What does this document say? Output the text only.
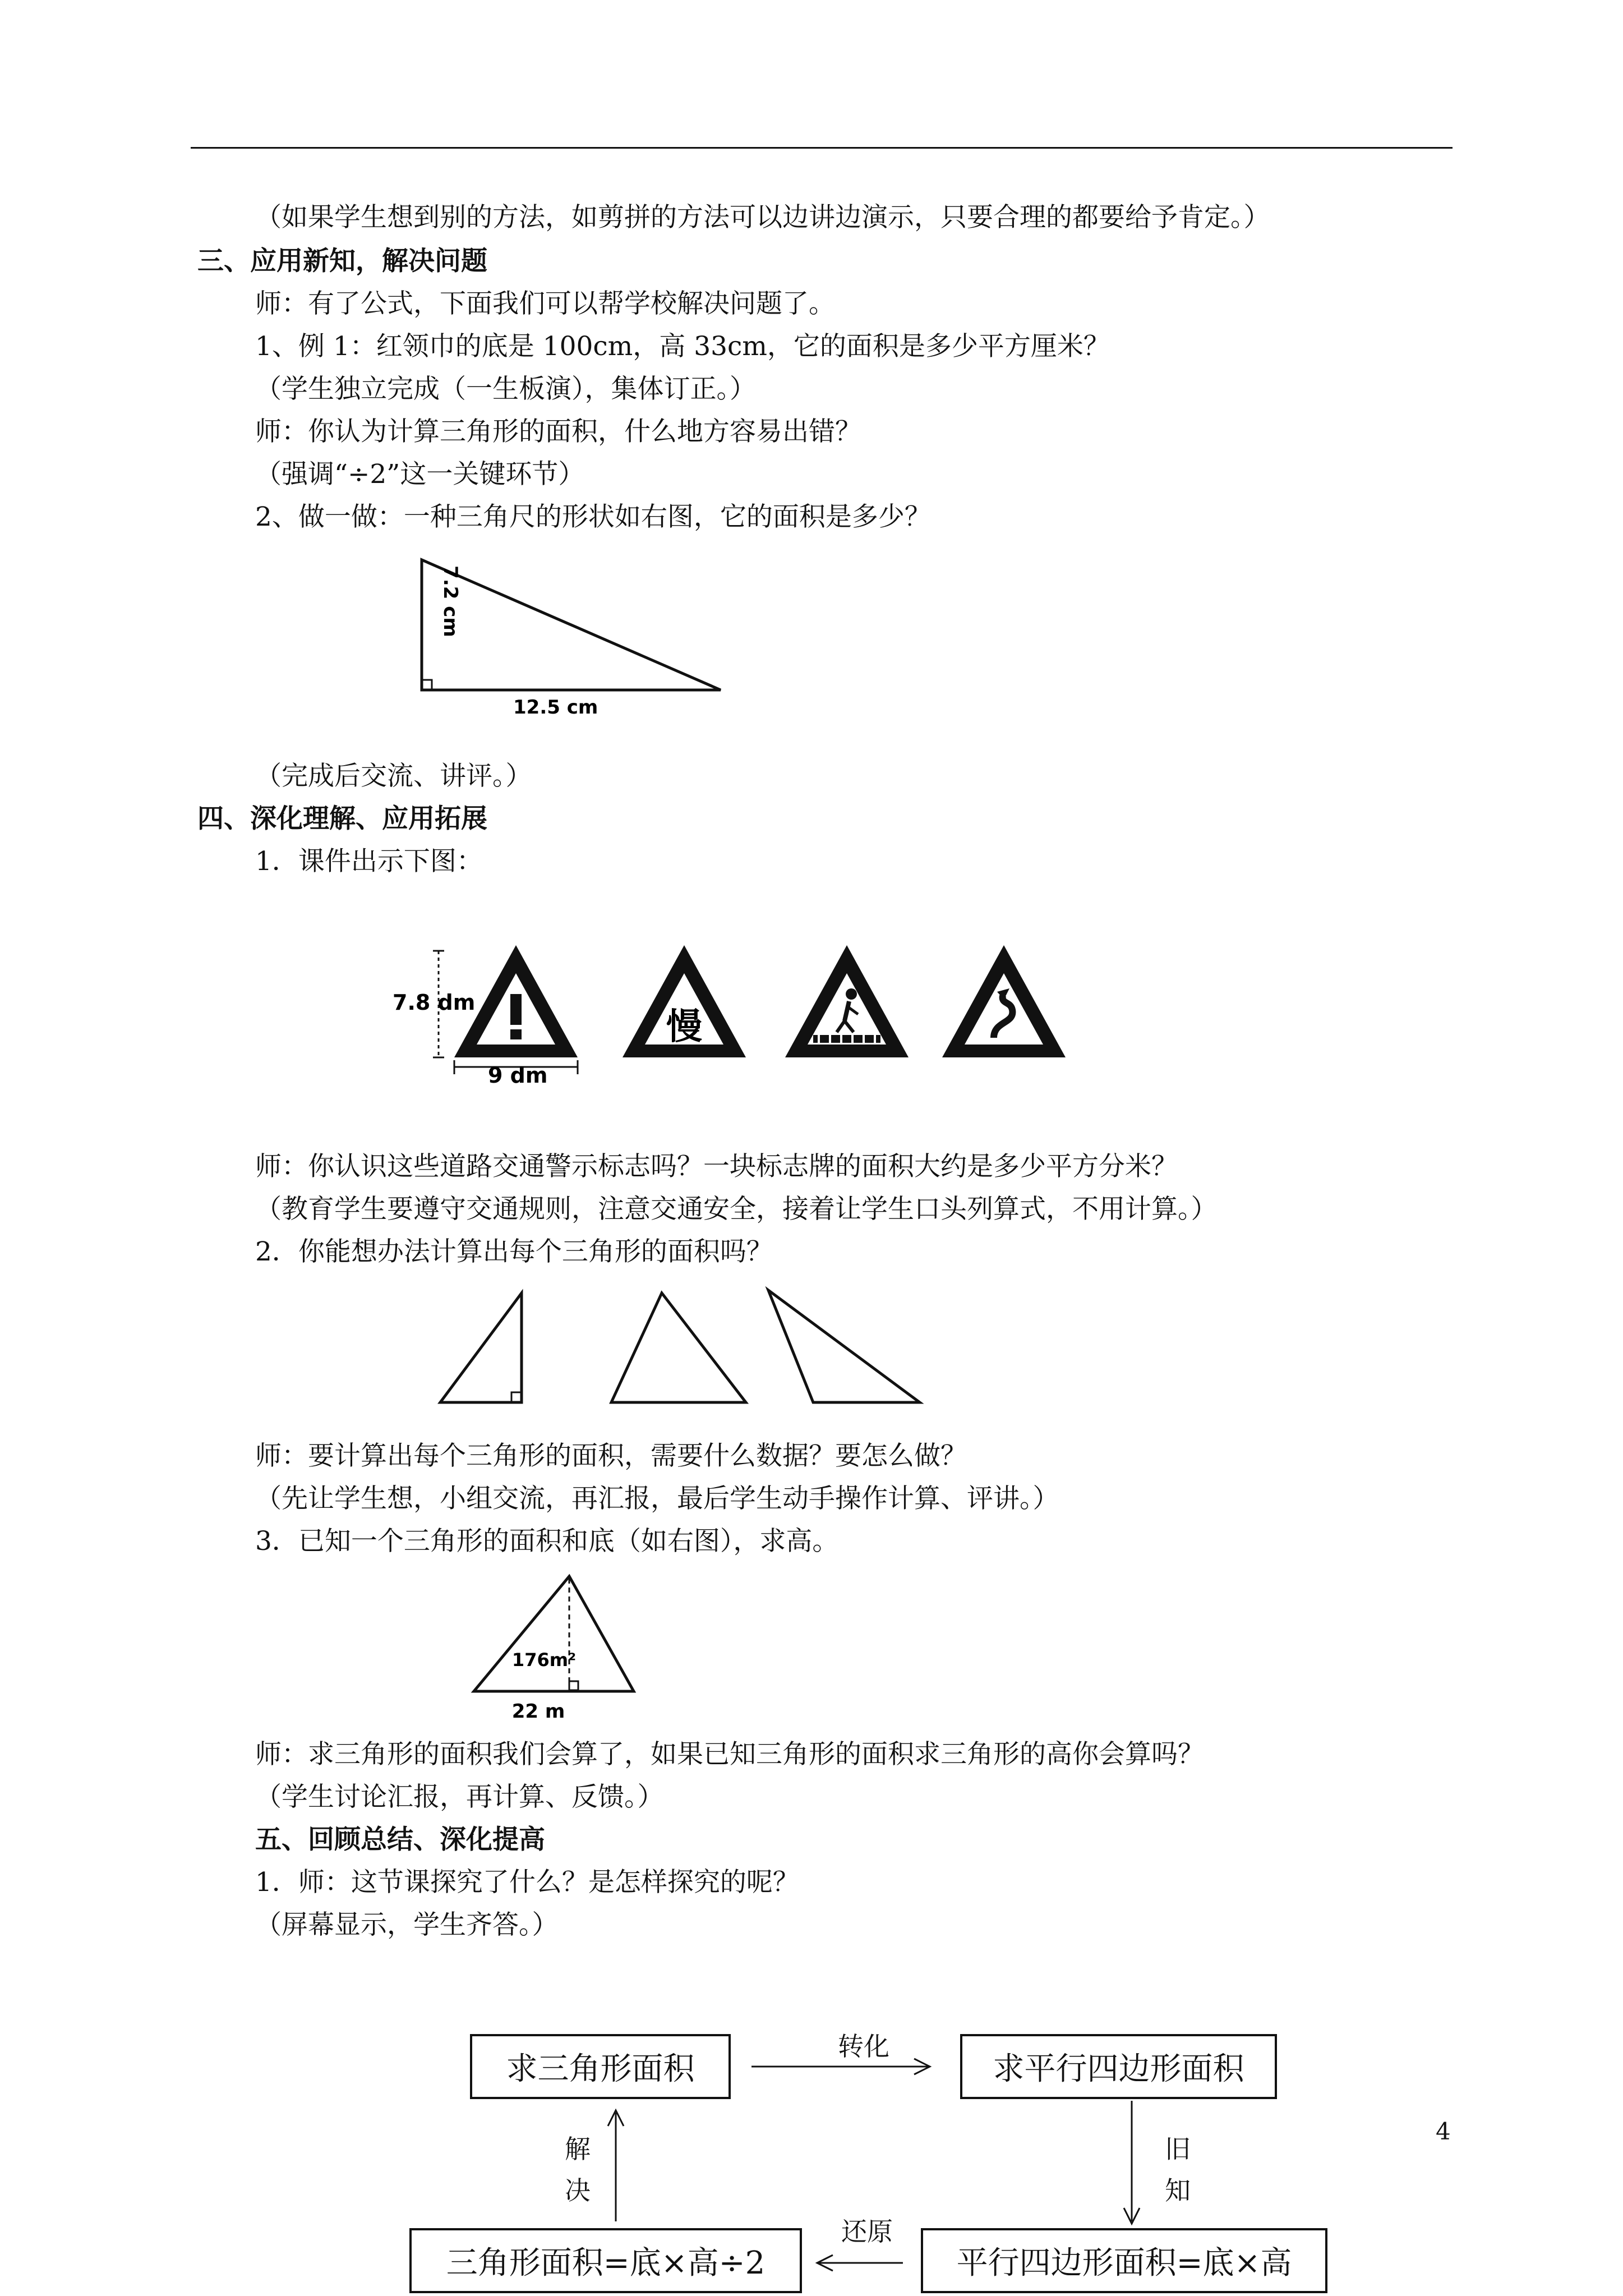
（如果学生想到别的方法，如剪拼的方法可以边讲边演示，只要合理的都要给予肯定。）
三、应用新知，解决问题
师：有了公式，下面我们可以帮学校解决问题了。
1、例 1：红领巾的底是 100cm，高 33cm，它的面积是多少平方厘米？
（学生独立完成（一生板演），集体订正。）
师：你认为计算三角形的面积，什么地方容易出错？
（强调“÷2”这一关键环节）
2、做一做：一种三角尺的形状如右图，它的面积是多少？
7.2 cm
12.5 cm
（完成后交流、讲评。）
四、深化理解、应用拓展
1．课件出示下图：
7.8 dm
9 dm
慢
师：你认识这些道路交通警示标志吗？一块标志牌的面积大约是多少平方分米？
（教育学生要遵守交通规则，注意交通安全，接着让学生口头列算式，不用计算。）
2．你能想办法计算出每个三角形的面积吗？
师：要计算出每个三角形的面积，需要什么数据？要怎么做？
（先让学生想，小组交流，再汇报，最后学生动手操作计算、评讲。）
3．已知一个三角形的面积和底（如右图），求高。
176m²
22 m
师：求三角形的面积我们会算了，如果已知三角形的面积求三角形的高你会算吗？
（学生讨论汇报，再计算、反馈。）
五、回顾总结、深化提高
1．师：这节课探究了什么？是怎样探究的呢？
（屏幕显示，学生齐答。）
求三角形面积	求平行四边形面积
平行四边形面积=底×高
三角形面积=底×高÷2
转化
旧
知
还原
解
决
4
